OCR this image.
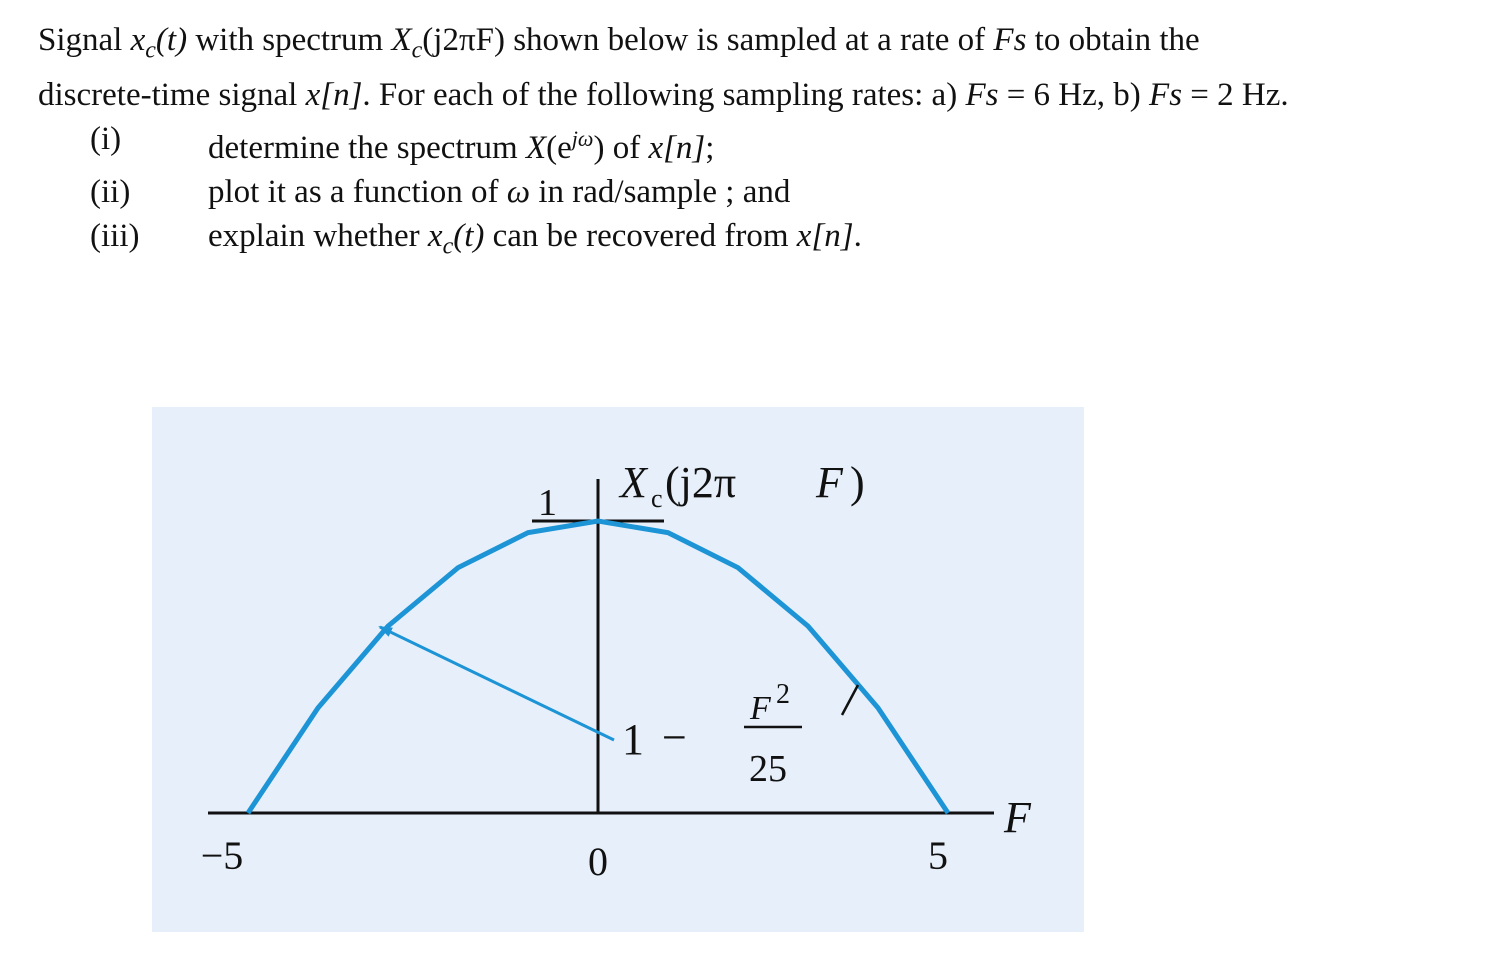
Signal $x_c(t)$ with spectrum $X_c(j2\pi F)$ shown below is sampled at a rate of Fs to obtain the
discrete-time signal x[n]. For each of the following sampling rates: a) Fs = 6 Hz, b) Fs = 2 Hz.
(i)	determine the spectrum $X(e^{j\omega})$ of x[n];
(ii)	plot it as a function of ω in rad/sample ; and
(iii)	explain whether $x_c(t)$ can be recovered from x[n].
X c (j2π F )
1
−5	0	5
F
1 −
F 2
25
